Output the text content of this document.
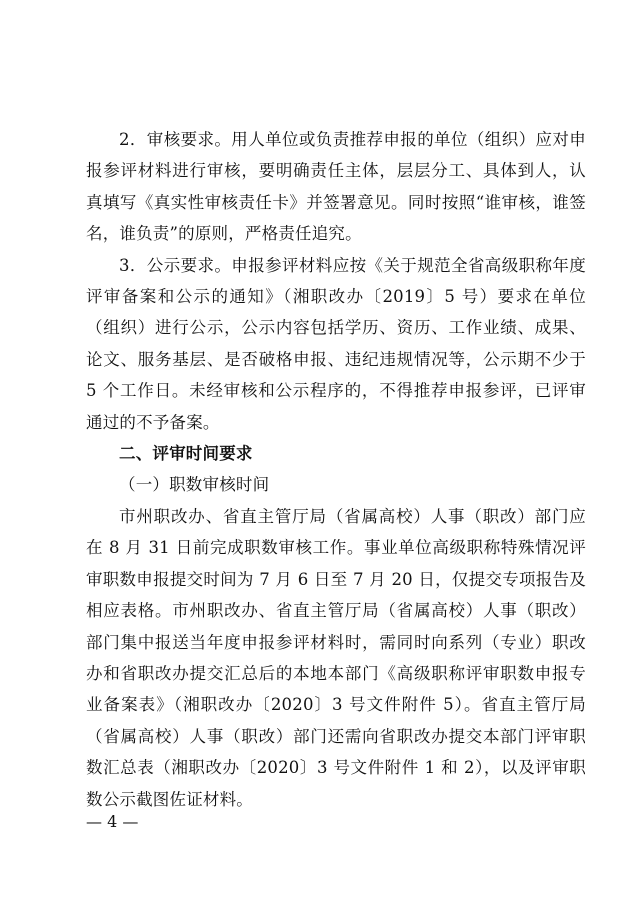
2．审核要求。用人单位或负责推荐申报的单位（组织）应对申报参评材料进行审核，要明确责任主体，层层分工、具体到人，认真填写《真实性审核责任卡》并签署意见。同时按照“谁审核，谁签名，谁负责”的原则，严格责任追究。

3．公示要求。申报参评材料应按《关于规范全省高级职称年度评审备案和公示的通知》（湘职改办〔2019〕5 号）要求在单位（组织）进行公示，公示内容包括学历、资历、工作业绩、成果、论文、服务基层、是否破格申报、违纪违规情况等，公示期不少于 5 个工作日。未经审核和公示程序的，不得推荐申报参评，已评审通过的不予备案。

二、评审时间要求
（一）职数审核时间

市州职改办、省直主管厅局（省属高校）人事（职改）部门应在 8 月 31 日前完成职数审核工作。事业单位高级职称特殊情况评审职数申报提交时间为 7 月 6 日至 7 月 20 日，仅提交专项报告及相应表格。市州职改办、省直主管厅局（省属高校）人事（职改）部门集中报送当年度申报参评材料时，需同时向系列（专业）职改办和省职改办提交汇总后的本地本部门《高级职称评审职数申报专业备案表》（湘职改办〔2020〕3 号文件附件 5）。省直主管厅局（省属高校）人事（职改）部门还需向省职改办提交本部门评审职数汇总表（湘职改办〔2020〕3 号文件附件 1 和 2），以及评审职数公示截图佐证材料。

— 4 —
